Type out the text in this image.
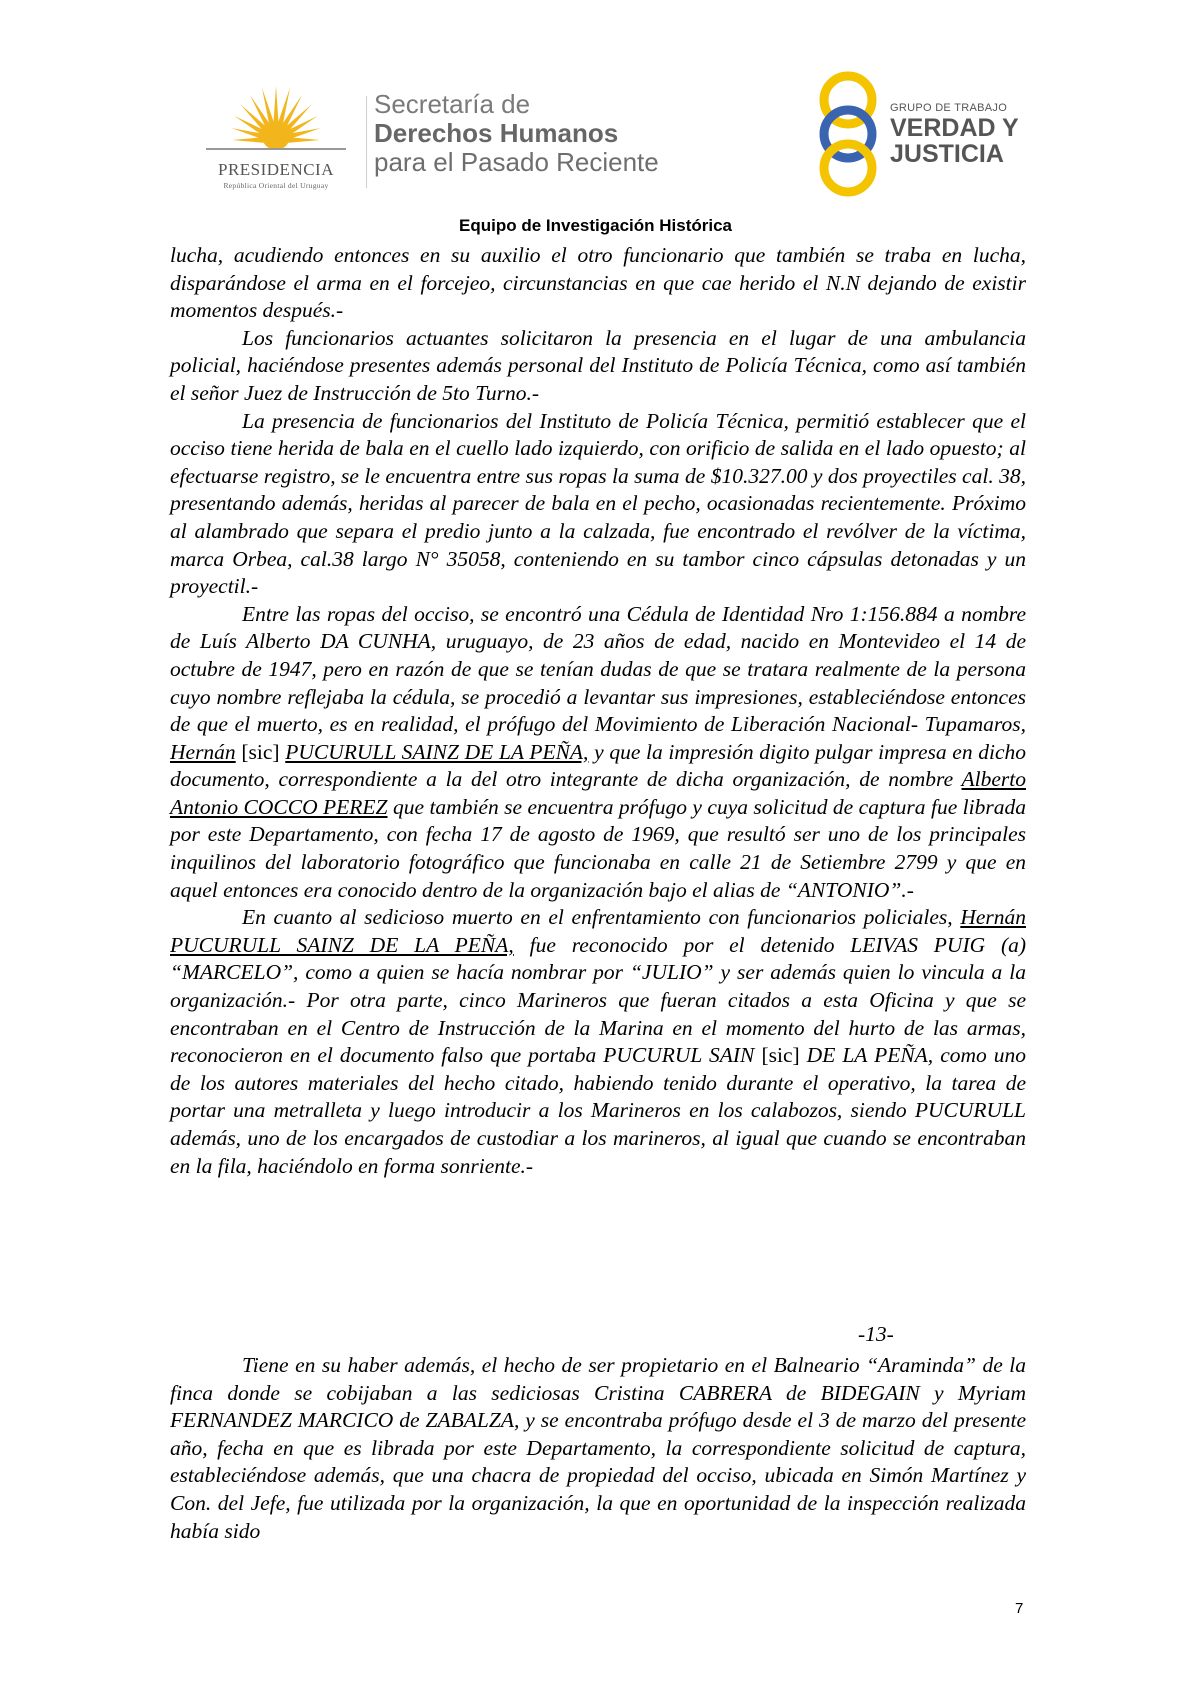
PRESIDENCIA
República Oriental del Uruguay
Secretaría de
Derechos Humanos
para el Pasado Reciente
GRUPO DE TRABAJO
VERDAD Y
JUSTICIA
Equipo de Investigación Histórica

lucha, acudiendo entonces en su auxilio el otro funcionario que también se traba en lucha, disparándose el arma en el forcejeo, circunstancias en que cae herido el N.N dejando de existir momentos después.-

Los funcionarios actuantes solicitaron la presencia en el lugar de una ambulancia policial, haciéndose presentes además personal del Instituto de Policía Técnica, como así también el señor Juez de Instrucción de 5to Turno.-

La presencia de funcionarios del Instituto de Policía Técnica, permitió establecer que el occiso tiene herida de bala en el cuello lado izquierdo, con orificio de salida en el lado opuesto; al efectuarse registro, se le encuentra entre sus ropas la suma de $10.327.00 y dos proyectiles cal. 38, presentando además, heridas al parecer de bala en el pecho, ocasionadas recientemente. Próximo al alambrado que separa el predio junto a la calzada, fue encontrado el revólver de la víctima, marca Orbea, cal.38 largo N° 35058, conteniendo en su tambor cinco cápsulas detonadas y un proyectil.-

Entre las ropas del occiso, se encontró una Cédula de Identidad Nro 1:156.884 a nombre de Luís Alberto DA CUNHA, uruguayo, de 23 años de edad, nacido en Montevideo el 14 de octubre de 1947, pero en razón de que se tenían dudas de que se tratara realmente de la persona cuyo nombre reflejaba la cédula, se procedió a levantar sus impresiones, estableciéndose entonces de que el muerto, es en realidad, el prófugo del Movimiento de Liberación Nacional- Tupamaros, Hernán [sic] PUCURULL SAINZ DE LA PEÑA, y que la impresión digito pulgar impresa en dicho documento, correspondiente a la del otro integrante de dicha organización, de nombre Alberto Antonio COCCO PEREZ que también se encuentra prófugo y cuya solicitud de captura fue librada por este Departamento, con fecha 17 de agosto de 1969, que resultó ser uno de los principales inquilinos del laboratorio fotográfico que funcionaba en calle 21 de Setiembre 2799 y que en aquel entonces era conocido dentro de la organización bajo el alias de “ANTONIO”.-

En cuanto al sedicioso muerto en el enfrentamiento con funcionarios policiales, Hernán PUCURULL SAINZ DE LA PEÑA, fue reconocido por el detenido LEIVAS PUIG (a) “MARCELO”, como a quien se hacía nombrar por “JULIO” y ser además quien lo vincula a la organización.- Por otra parte, cinco Marineros que fueran citados a esta Oficina y que se encontraban en el Centro de Instrucción de la Marina en el momento del hurto de las armas, reconocieron en el documento falso que portaba PUCURUL SAIN [sic] DE LA PEÑA, como uno de los autores materiales del hecho citado, habiendo tenido durante el operativo, la tarea de portar una metralleta y luego introducir a los Marineros en los calabozos, siendo PUCURULL además, uno de los encargados de custodiar a los marineros, al igual que cuando se encontraban en la fila, haciéndolo en forma sonriente.-

-13-

Tiene en su haber además, el hecho de ser propietario en el Balneario “Araminda” de la finca donde se cobijaban a las sediciosas Cristina CABRERA de BIDEGAIN y Myriam FERNANDEZ MARCICO de ZABALZA, y se encontraba prófugo desde el 3 de marzo del presente año, fecha en que es librada por este Departamento, la correspondiente solicitud de captura, estableciéndose además, que una chacra de propiedad del occiso, ubicada en Simón Martínez y Con. del Jefe, fue utilizada por la organización, la que en oportunidad de la inspección realizada había sido

7
